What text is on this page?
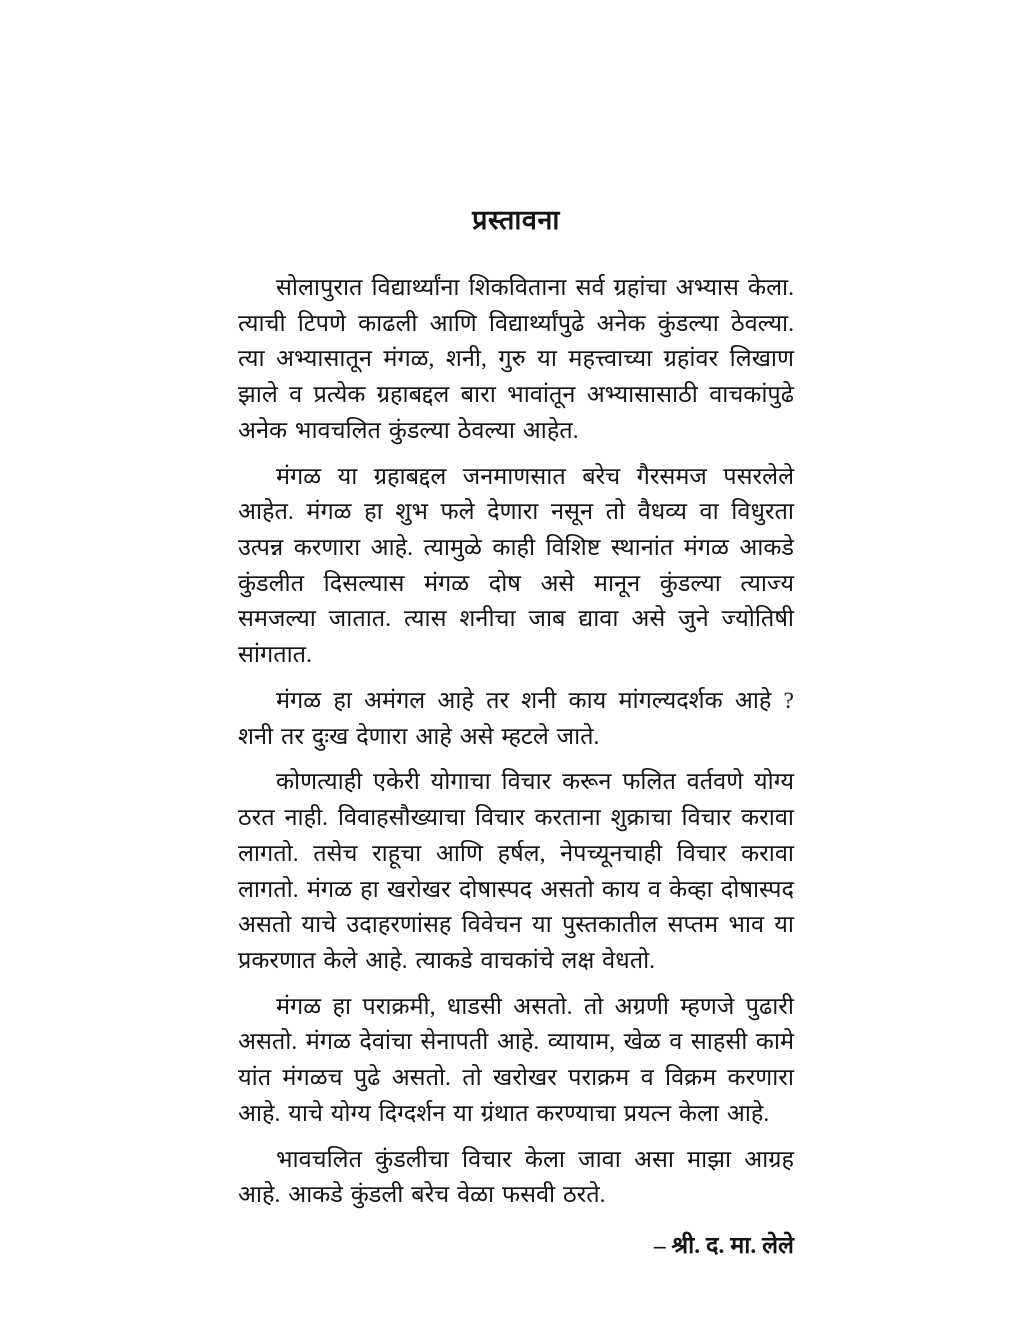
प्रस्तावना

सोलापुरात विद्यार्थ्यांना शिकविताना सर्व ग्रहांचा अभ्यास केला. त्याची टिपणे काढली आणि विद्यार्थ्यांपुढे अनेक कुंडल्या ठेवल्या. त्या अभ्यासातून मंगळ, शनी, गुरु या महत्त्वाच्या ग्रहांवर लिखाण झाले व प्रत्येक ग्रहाबद्दल बारा भावांतून अभ्यासासाठी वाचकांपुढे अनेक भावचलित कुंडल्या ठेवल्या आहेत.

मंगळ या ग्रहाबद्दल जनमाणसात बरेच गैरसमज पसरलेले आहेत. मंगळ हा शुभ फले देणारा नसून तो वैधव्य वा विधुरता उत्पन्न करणारा आहे. त्यामुळे काही विशिष्ट स्थानांत मंगळ आकडे कुंडलीत दिसल्यास मंगळ दोष असे मानून कुंडल्या त्याज्य समजल्या जातात. त्यास शनीचा जाब द्यावा असे जुने ज्योतिषी सांगतात.

मंगळ हा अमंगल आहे तर शनी काय मांगल्यदर्शक आहे ? शनी तर दुःख देणारा आहे असे म्हटले जाते.

कोणत्याही एकेरी योगाचा विचार करून फलित वर्तवणे योग्य ठरत नाही. विवाहसौख्याचा विचार करताना शुक्राचा विचार करावा लागतो. तसेच राहूचा आणि हर्षल, नेपच्यूनचाही विचार करावा लागतो. मंगळ हा खरोखर दोषास्पद असतो काय व केव्हा दोषास्पद असतो याचे उदाहरणांसह विवेचन या पुस्तकातील सप्तम भाव या प्रकरणात केले आहे. त्याकडे वाचकांचे लक्ष वेधतो.

मंगळ हा पराक्रमी, धाडसी असतो. तो अग्रणी म्हणजे पुढारी असतो. मंगळ देवांचा सेनापती आहे. व्यायाम, खेळ व साहसी कामे यांत मंगळच पुढे असतो. तो खरोखर पराक्रम व विक्रम करणारा आहे. याचे योग्य दिग्दर्शन या ग्रंथात करण्याचा प्रयत्न केला आहे.

भावचलित कुंडलीचा विचार केला जावा असा माझा आग्रह आहे. आकडे कुंडली बरेच वेळा फसवी ठरते.

– श्री. द. मा. लेले
